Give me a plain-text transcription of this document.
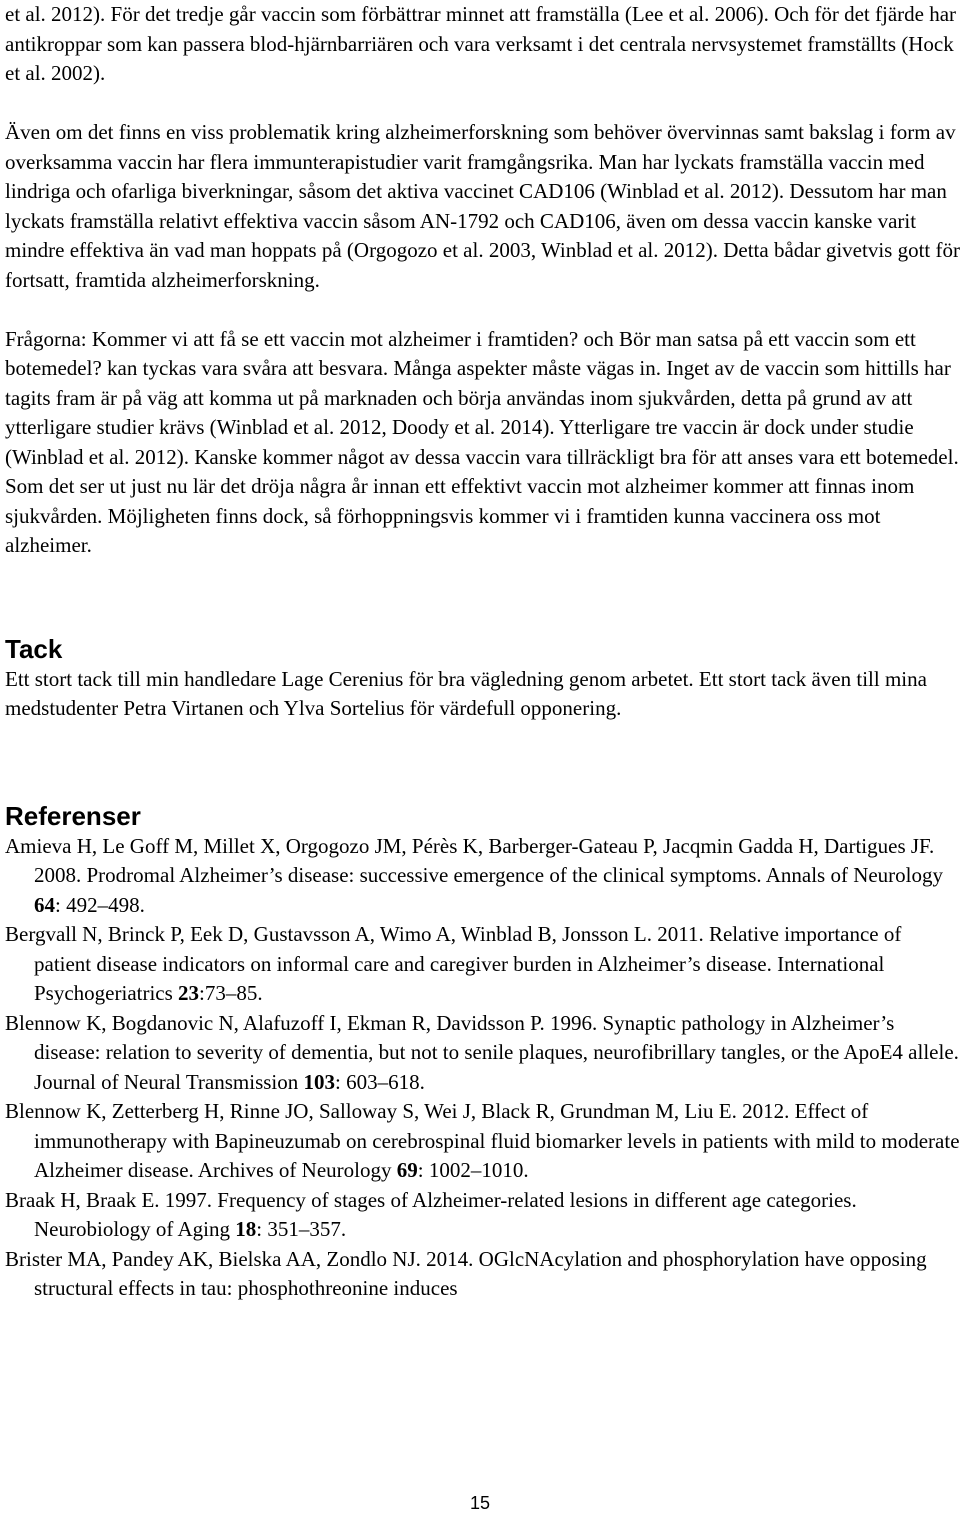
et al. 2012). För det tredje går vaccin som förbättrar minnet att framställa (Lee et al. 2006). Och för det fjärde har antikroppar som kan passera blod-hjärnbarriären och vara verksamt i det centrala nervsystemet framställts (Hock et al. 2002).

Även om det finns en viss problematik kring alzheimerforskning som behöver övervinnas samt bakslag i form av overksamma vaccin har flera immunterapistudier varit framgångsrika. Man har lyckats framställa vaccin med lindriga och ofarliga biverkningar, såsom det aktiva vaccinet CAD106 (Winblad et al. 2012). Dessutom har man lyckats framställa relativt effektiva vaccin såsom AN-1792 och CAD106, även om dessa vaccin kanske varit mindre effektiva än vad man hoppats på (Orgogozo et al. 2003, Winblad et al. 2012). Detta bådar givetvis gott för fortsatt, framtida alzheimerforskning.

Frågorna: Kommer vi att få se ett vaccin mot alzheimer i framtiden? och Bör man satsa på ett vaccin som ett botemedel? kan tyckas vara svåra att besvara. Många aspekter måste vägas in. Inget av de vaccin som hittills har tagits fram är på väg att komma ut på marknaden och börja användas inom sjukvården, detta på grund av att ytterligare studier krävs (Winblad et al. 2012, Doody et al. 2014). Ytterligare tre vaccin är dock under studie (Winblad et al. 2012). Kanske kommer något av dessa vaccin vara tillräckligt bra för att anses vara ett botemedel. Som det ser ut just nu lär det dröja några år innan ett effektivt vaccin mot alzheimer kommer att finnas inom sjukvården. Möjligheten finns dock, så förhoppningsvis kommer vi i framtiden kunna vaccinera oss mot alzheimer.

Tack

Ett stort tack till min handledare Lage Cerenius för bra vägledning genom arbetet. Ett stort tack även till mina medstudenter Petra Virtanen och Ylva Sortelius för värdefull opponering.

Referenser
Amieva H, Le Goff M, Millet X, Orgogozo JM, Pérès K, Barberger-Gateau P, Jacqmin Gadda H, Dartigues JF. 2008. Prodromal Alzheimer’s disease: successive emergence of the clinical symptoms. Annals of Neurology 64: 492–498.
Bergvall N, Brinck P, Eek D, Gustavsson A, Wimo A, Winblad B, Jonsson L. 2011. Relative importance of patient disease indicators on informal care and caregiver burden in Alzheimer’s disease. International Psychogeriatrics 23:73–85.
Blennow K, Bogdanovic N, Alafuzoff I, Ekman R, Davidsson P. 1996. Synaptic pathology in Alzheimer’s disease: relation to severity of dementia, but not to senile plaques, neurofibrillary tangles, or the ApoE4 allele. Journal of Neural Transmission 103: 603–618.
Blennow K, Zetterberg H, Rinne JO, Salloway S, Wei J, Black R, Grundman M, Liu E. 2012. Effect of immunotherapy with Bapineuzumab on cerebrospinal fluid biomarker levels in patients with mild to moderate Alzheimer disease. Archives of Neurology 69: 1002–1010.
Braak H, Braak E. 1997. Frequency of stages of Alzheimer-related lesions in different age categories. Neurobiology of Aging 18: 351–357.
Brister MA, Pandey AK, Bielska AA, Zondlo NJ. 2014. OGlcNAcylation and phosphorylation have opposing structural effects in tau: phosphothreonine induces
15
